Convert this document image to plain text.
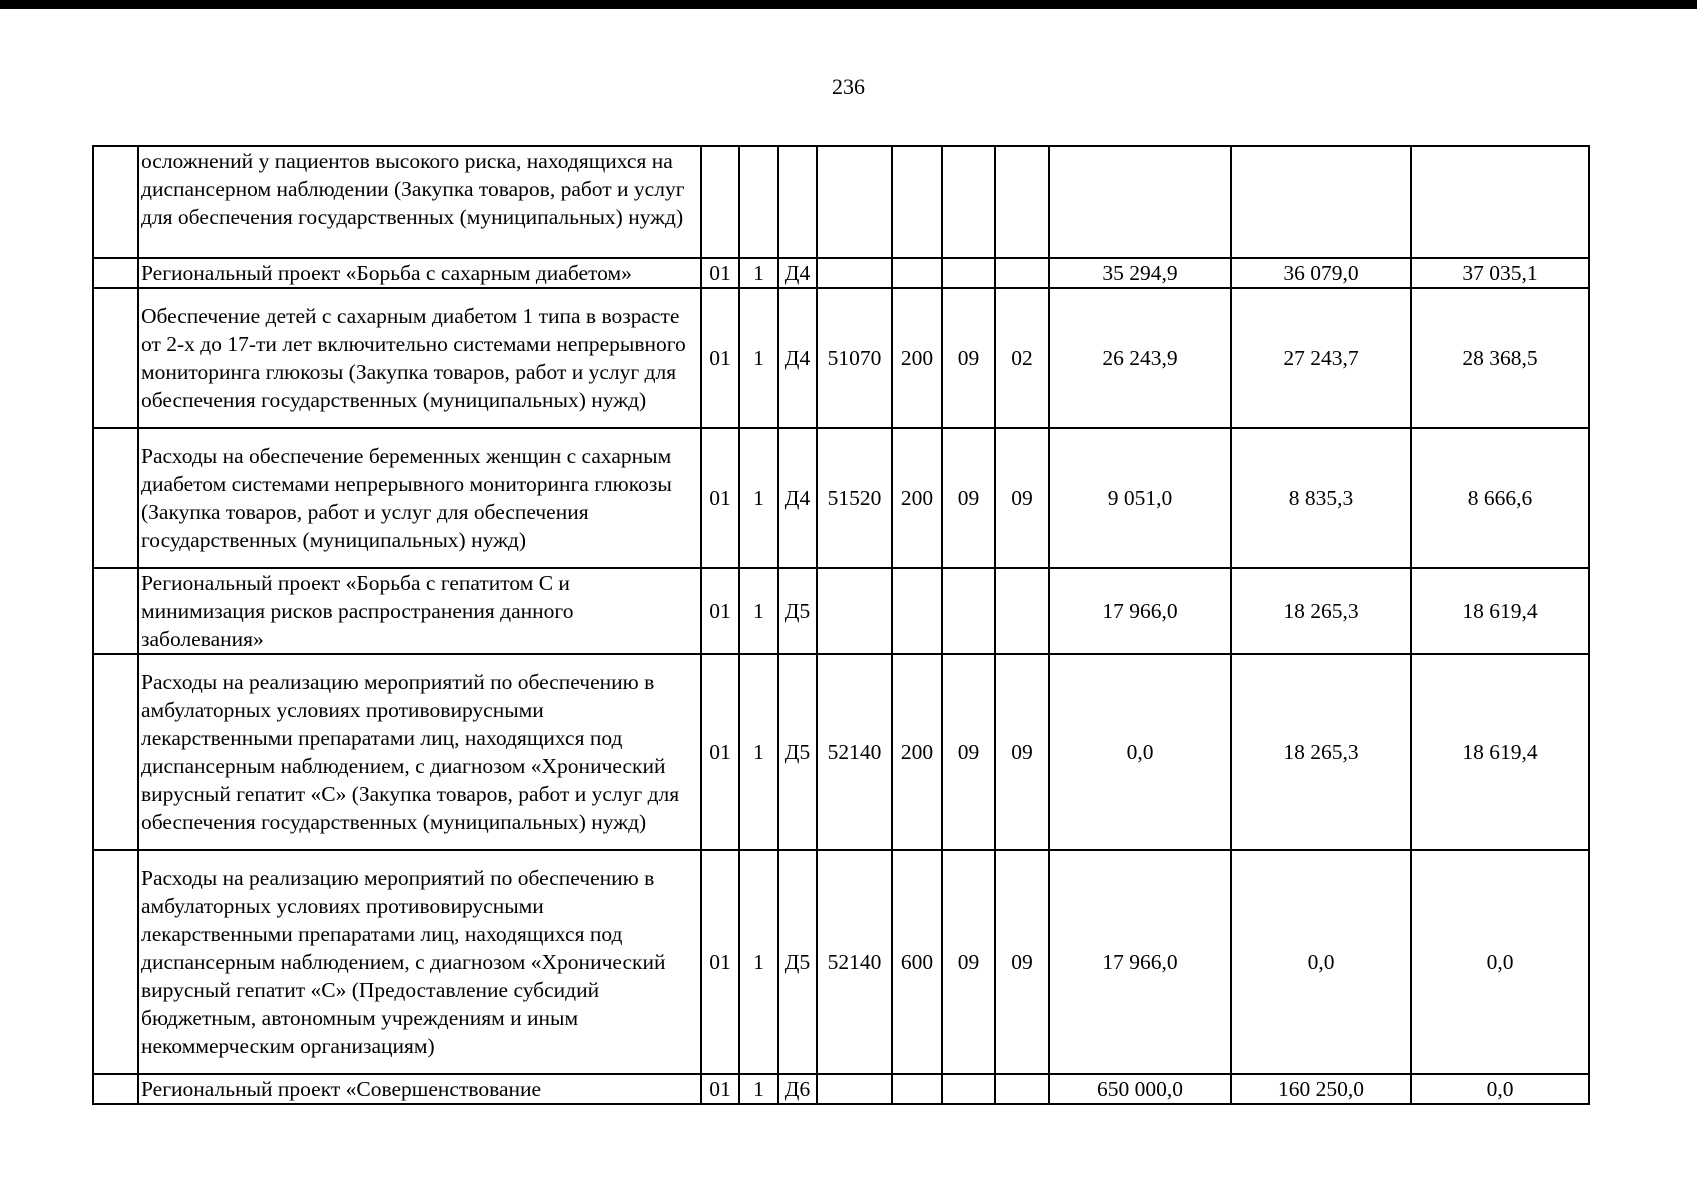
236
	осложнений у пациентов высокого риска, находящихся на диспансерном наблюдении (Закупка товаров, работ и услуг для обеспечения государственных (муниципальных) нужд)										
	Региональный проект «Борьба с сахарным диабетом»	01	1	Д4					35 294,9	36 079,0	37 035,1
	Обеспечение детей с сахарным диабетом 1 типа в возрасте от 2-х до 17-ти лет включительно системами непрерывного мониторинга глюкозы (Закупка товаров, работ и услуг для обеспечения государственных (муниципальных) нужд)	01	1	Д4	51070	200	09	02	26 243,9	27 243,7	28 368,5
	Расходы на обеспечение беременных женщин с сахарным диабетом системами непрерывного мониторинга глюкозы (Закупка товаров, работ и услуг для обеспечения государственных (муниципальных) нужд)	01	1	Д4	51520	200	09	09	9 051,0	8 835,3	8 666,6
	Региональный проект «Борьба с гепатитом С и минимизация рисков распространения данного заболевания»	01	1	Д5					17 966,0	18 265,3	18 619,4
	Расходы на реализацию мероприятий по обеспечению в амбулаторных условиях противовирусными лекарственными препаратами лиц, находящихся под диспансерным наблюдением, с диагнозом «Хронический вирусный гепатит «С» (Закупка товаров, работ и услуг для обеспечения государственных (муниципальных) нужд)	01	1	Д5	52140	200	09	09	0,0	18 265,3	18 619,4
	Расходы на реализацию мероприятий по обеспечению в амбулаторных условиях противовирусными лекарственными препаратами лиц, находящихся под диспансерным наблюдением, с диагнозом «Хронический вирусный гепатит «С» (Предоставление субсидий бюджетным, автономным учреждениям и иным некоммерческим организациям)	01	1	Д5	52140	600	09	09	17 966,0	0,0	0,0
	Региональный проект «Совершенствование	01	1	Д6					650 000,0	160 250,0	0,0
